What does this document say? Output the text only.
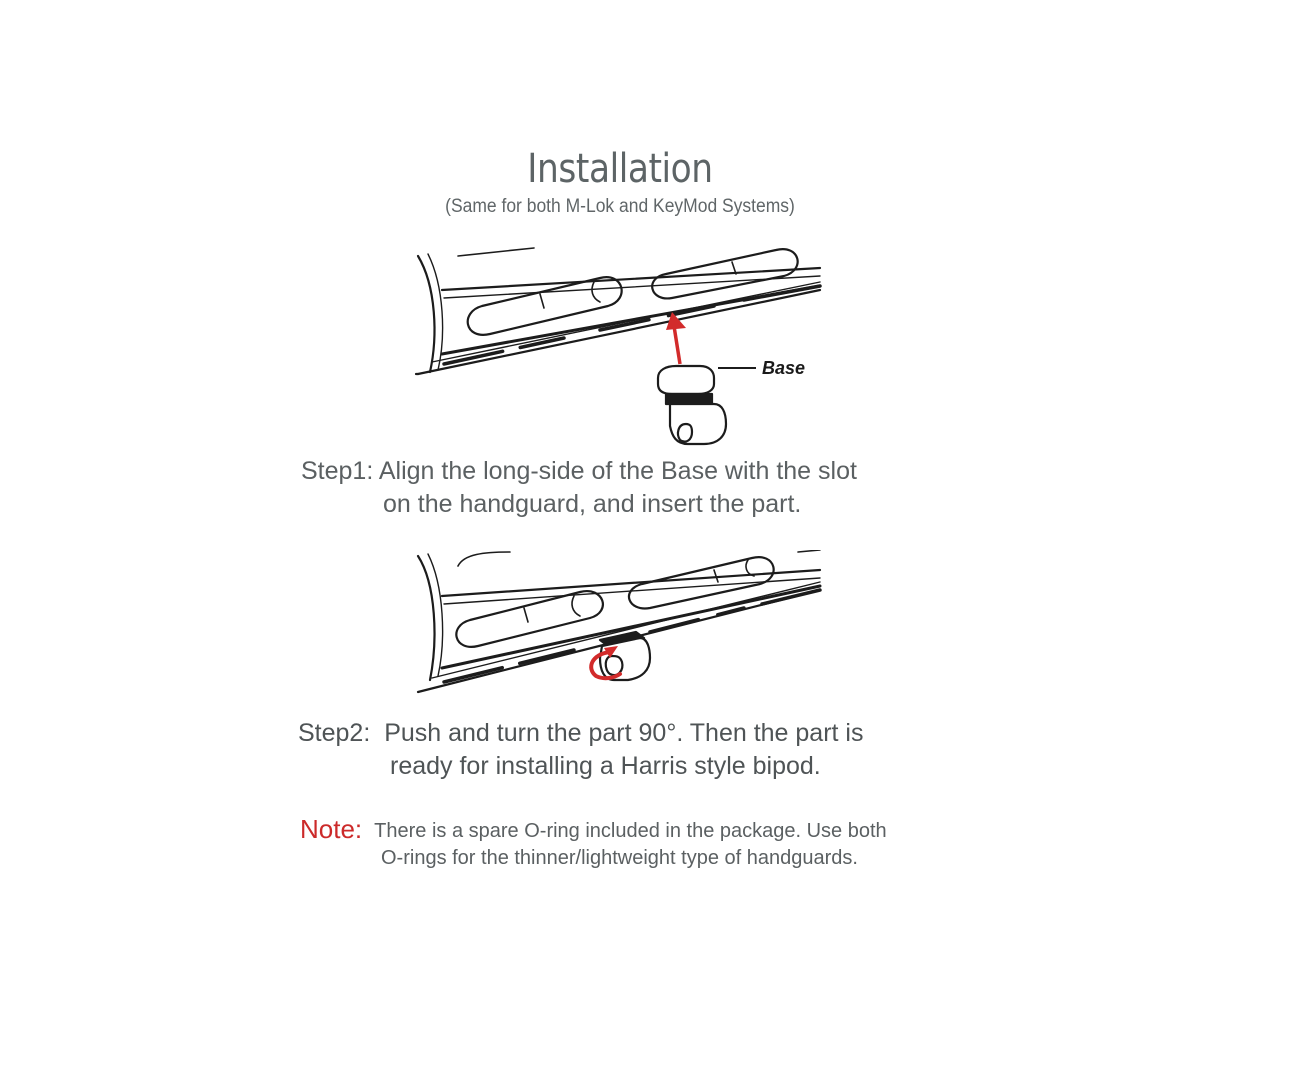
Installation
(Same for both M-Lok and KeyMod Systems)
Base
Step1: Align the long-side of the Base with the slot
on the handguard, and insert the part.
Step2: Push and turn the part 90°. Then the part is
ready for installing a Harris style bipod.
Note: There is a spare O-ring included in the package. Use both
O-rings for the thinner/lightweight type of handguards.
